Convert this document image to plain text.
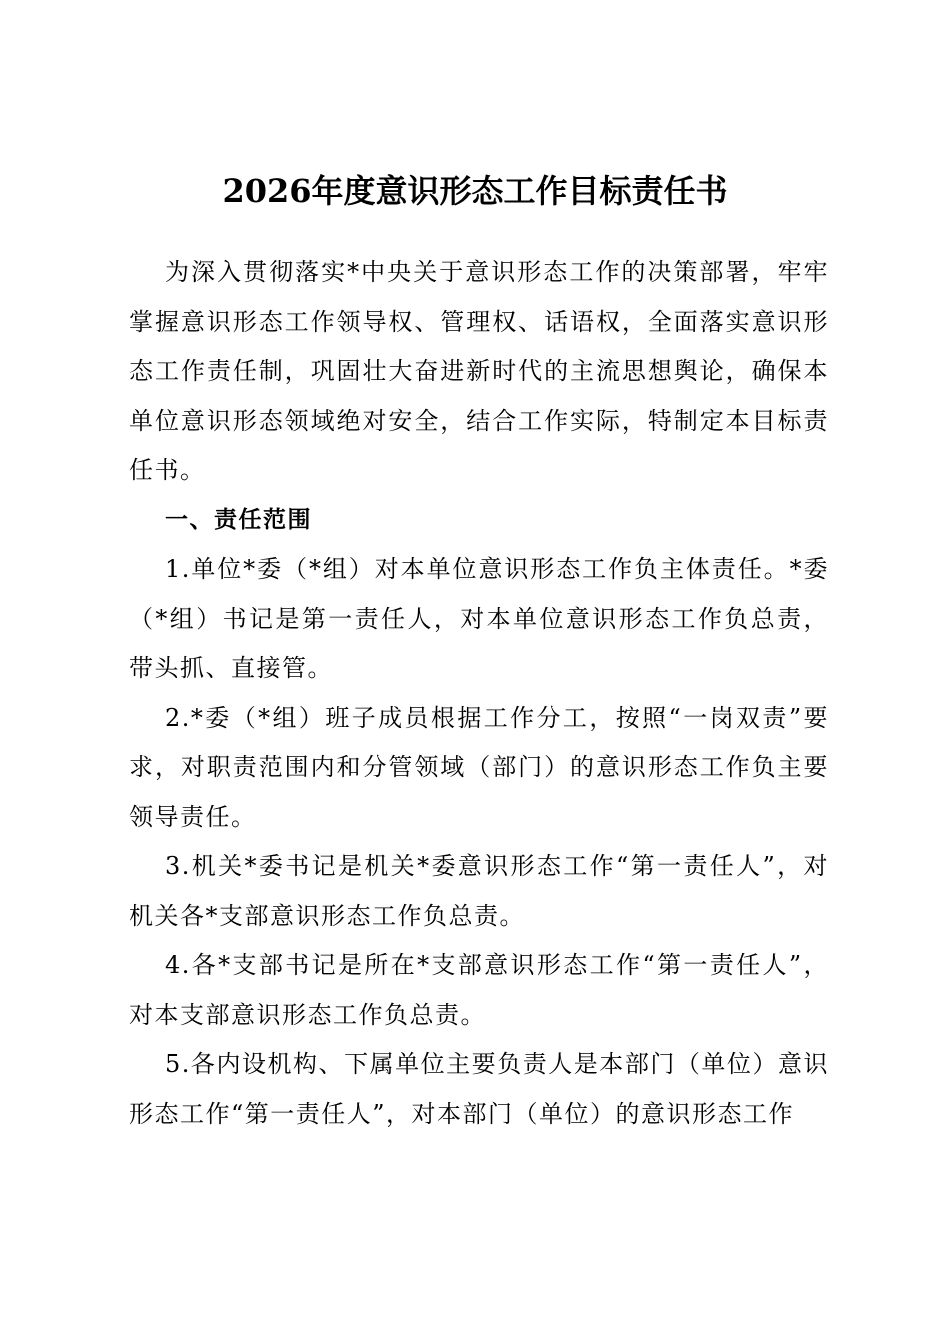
2026年度意识形态工作目标责任书

为深入贯彻落实*中央关于意识形态工作的决策部署，牢牢掌握意识形态工作领导权、管理权、话语权，全面落实意识形态工作责任制，巩固壮大奋进新时代的主流思想舆论，确保本单位意识形态领域绝对安全，结合工作实际，特制定本目标责任书。

一、责任范围

1.单位*委（*组）对本单位意识形态工作负主体责任。*委（*组）书记是第一责任人，对本单位意识形态工作负总责，带头抓、直接管。

2.*委（*组）班子成员根据工作分工，按照“一岗双责”要求，对职责范围内和分管领域（部门）的意识形态工作负主要领导责任。

3.机关*委书记是机关*委意识形态工作“第一责任人”，对机关各*支部意识形态工作负总责。

4.各*支部书记是所在*支部意识形态工作“第一责任人”，对本支部意识形态工作负总责。

5.各内设机构、下属单位主要负责人是本部门（单位）意识形态工作“第一责任人”，对本部门（单位）的意识形态工作
